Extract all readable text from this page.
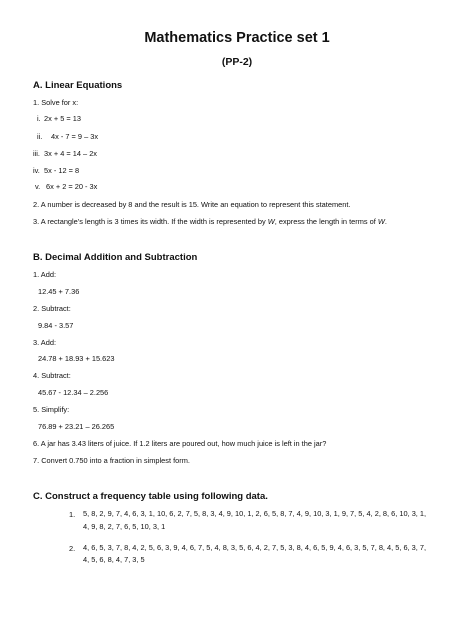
Mathematics Practice set 1
(PP-2)
A. Linear Equations
1. Solve for x:
i. 2x + 5 = 13
ii. 4x - 7 = 9 – 3x
iii. 3x + 4 = 14 – 2x
iv. 5x - 12 = 8
v. 6x + 2 = 20 - 3x
2. A number is decreased by 8 and the result is 15. Write an equation to represent this statement.
3. A rectangle's length is 3 times its width. If the width is represented by W, express the length in terms of W.
B. Decimal Addition and Subtraction
1. Add:
12.45 + 7.36
2. Subtract:
9.84 - 3.57
3. Add:
24.78 + 18.93 + 15.623
4. Subtract:
45.67 - 12.34 – 2.256
5. Simplify:
76.89 + 23.21 – 26.265
6. A jar has 3.43 liters of juice. If 1.2 liters are poured out, how much juice is left in the jar?
7. Convert 0.750 into a fraction in simplest form.
C. Construct a frequency table using following data.
1. 5, 8, 2, 9, 7, 4, 6, 3, 1, 10, 6, 2, 7, 5, 8, 3, 4, 9, 10, 1, 2, 6, 5, 8, 7, 4, 9, 10, 3, 1, 9, 7, 5, 4, 2, 8, 6, 10, 3, 1,
4, 9, 8, 2, 7, 6, 5, 10, 3, 1
2. 4, 6, 5, 3, 7, 8, 4, 2, 5, 6, 3, 9, 4, 6, 7, 5, 4, 8, 3, 5, 6, 4, 2, 7, 5, 3, 8, 4, 6, 5, 9, 4, 6, 3, 5, 7, 8, 4, 5, 6, 3, 7,
4, 5, 6, 8, 4, 7, 3, 5
